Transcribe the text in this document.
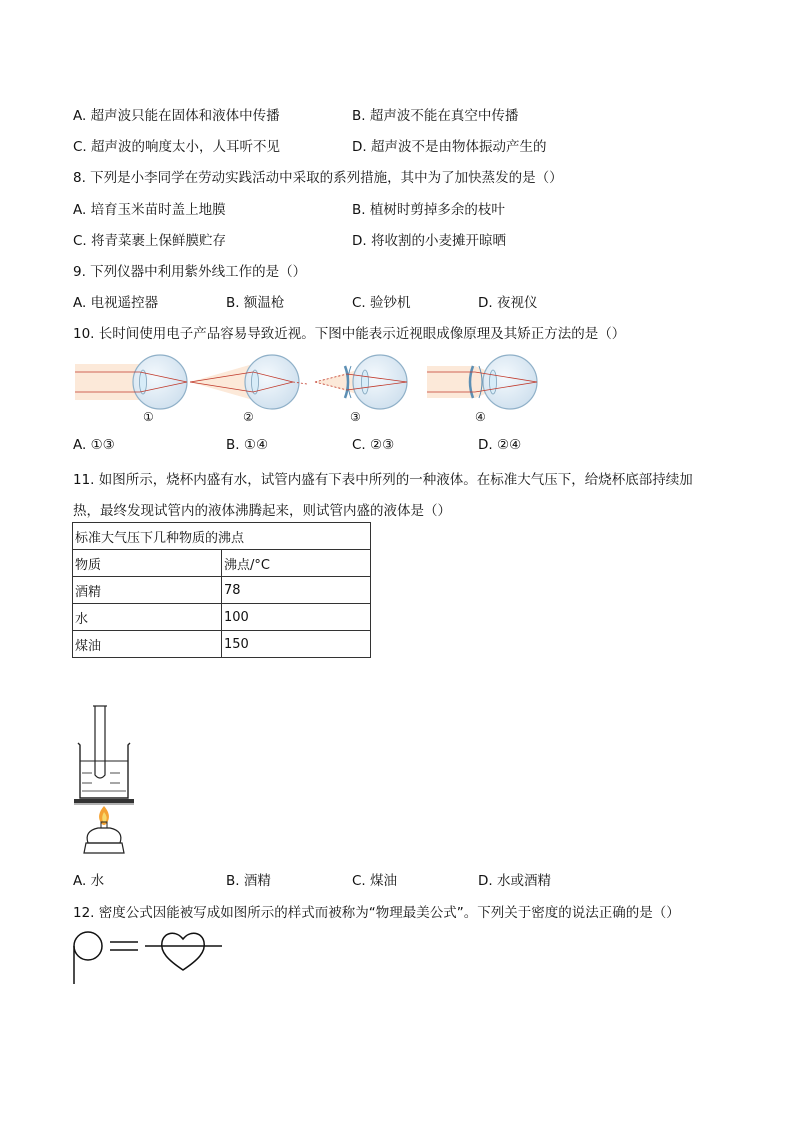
A. 超声波只能在固体和液体中传播	B. 超声波不能在真空中传播
C. 超声波的响度太小，人耳听不见	D. 超声波不是由物体振动产生的
8. 下列是小李同学在劳动实践活动中采取的系列措施，其中为了加快蒸发的是（）
A. 培育玉米苗时盖上地膜	B. 植树时剪掉多余的枝叶
C. 将青菜裹上保鲜膜贮存	D. 将收割的小麦摊开晾晒
9. 下列仪器中利用紫外线工作的是（）
A. 电视遥控器	B. 额温枪	C. 验钞机	D. 夜视仪
10. 长时间使用电子产品容易导致近视。下图中能表示近视眼成像原理及其矫正方法的是（）
①	②	③	④
A. ①③	B. ①④	C. ②③	D. ②④
11. 如图所示，烧杯内盛有水，试管内盛有下表中所列的一种液体。在标准大气压下，给烧杯底部持续加
热，最终发现试管内的液体沸腾起来，则试管内盛的液体是（）
标准大气压下几种物质的沸点	
物质	沸点/°C
酒精	78
水	100
煤油	150
A. 水	B. 酒精	C. 煤油	D. 水或酒精
12. 密度公式因能被写成如图所示的样式而被称为“物理最美公式”。下列关于密度的说法正确的是（）
